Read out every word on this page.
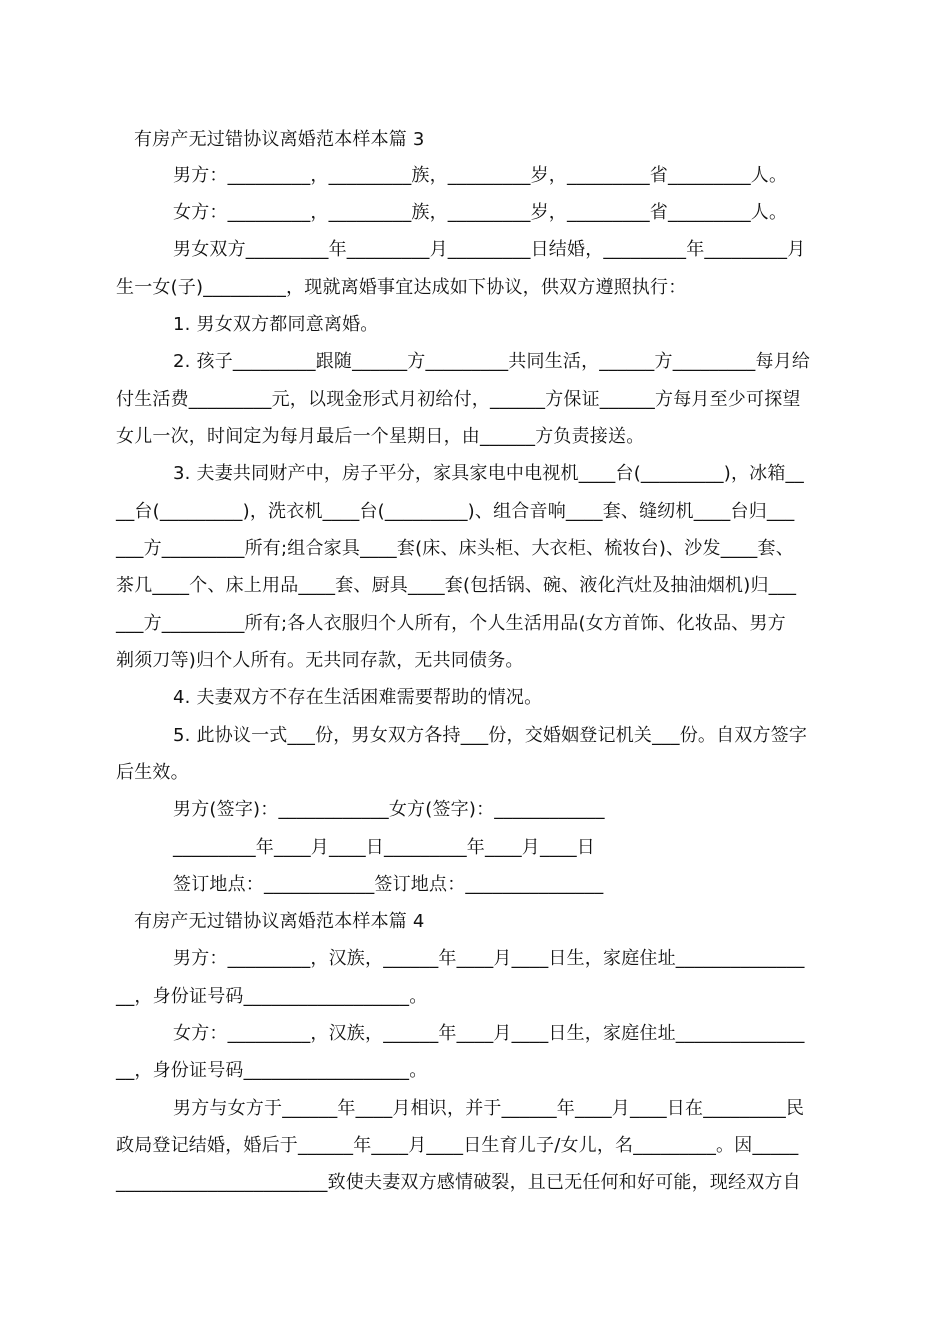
有房产无过错协议离婚范本样本篇 3
男方：_________，_________族，_________岁，_________省_________人。
女方：_________，_________族，_________岁，_________省_________人。
男女双方_________年_________月_________日结婚，_________年_________月
生一女(子)_________，现就离婚事宜达成如下协议，供双方遵照执行：
1. 男女双方都同意离婚。
2. 孩子_________跟随______方_________共同生活，______方_________每月给
付生活费_________元，以现金形式月初给付，______方保证______方每月至少可探望
女儿一次，时间定为每月最后一个星期日，由______方负责接送。
3. 夫妻共同财产中，房子平分，家具家电中电视机____台(_________)，冰箱__
__台(_________)，洗衣机____台(_________)、组合音响____套、缝纫机____台归___
___方_________所有;组合家具____套(床、床头柜、大衣柜、梳妆台)、沙发____套、
茶几____个、床上用品____套、厨具____套(包括锅、碗、液化汽灶及抽油烟机)归___
___方_________所有;各人衣服归个人所有，个人生活用品(女方首饰、化妆品、男方
剃须刀等)归个人所有。无共同存款，无共同债务。
4. 夫妻双方不存在生活困难需要帮助的情况。
5. 此协议一式___份，男女双方各持___份，交婚姻登记机关___份。自双方签字
后生效。
男方(签字)：____________女方(签字)：____________
_________年____月____日_________年____月____日
签订地点：____________签订地点：_______________
有房产无过错协议离婚范本样本篇 4
男方：_________，汉族，______年____月____日生，家庭住址______________
__，身份证号码__________________。
女方：_________，汉族，______年____月____日生，家庭住址______________
__，身份证号码__________________。
男方与女方于______年____月相识，并于______年____月____日在_________民
政局登记结婚，婚后于______年____月____日生育儿子/女儿，名_________。因_____
_______________________致使夫妻双方感情破裂，且已无任何和好可能，现经双方自
